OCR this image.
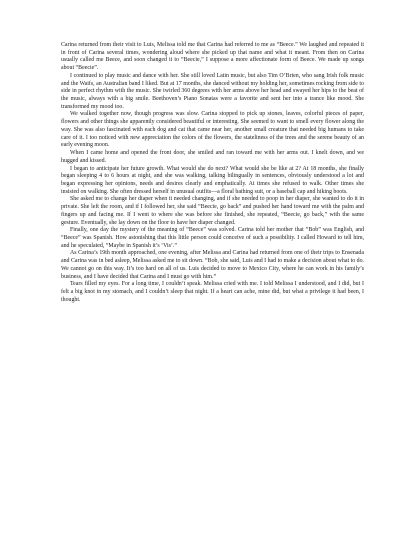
Carina returned from their visit to Luis, Melissa told me that Carina had referred to me as “Beece.” We laughed and repeated it in front of Carina several times, wondering aloud where she picked up that name and what it meant. From then on Carina usually called me Beece, and soon changed it to “Beecie,” I suppose a more affectionate form of Beece. We made up songs about “Beecie”.

I continued to play music and dance with her. She still loved Latin music, but also Tim O’Brien, who sang Irish folk music and the Waifs, an Australian band I liked. But at 17 months, she danced without my holding her, sometimes rocking from side to side in perfect rhythm with the music. She twirled 360 degrees with her arms above her head and swayed her hips to the beat of the music, always with a big smile. Beethoven’s Piano Sonatas were a favorite and sent her into a trance like mood. She transformed my mood too.

We walked together now, though progress was slow. Carina stopped to pick up stones, leaves, colorful pieces of paper, flowers and other things she apparently considered beautiful or interesting. She seemed to want to smell every flower along the way. She was also fascinated with each dog and cat that came near her, another small creature that needed big humans to take care of it. I too noticed with new appreciation the colors of the flowers, the stateliness of the trees and the serene beauty of an early evening moon.

When I came home and opened the front door, she smiled and ran toward me with her arms out. I knelt down, and we hugged and kissed.

I began to anticipate her future growth. What would she do next? What would she be like at 2? At 18 months, she finally began sleeping 4 to 6 hours at night, and she was walking, talking bilingually in sentences, obviously understood a lot and began expressing her opinions, needs and desires clearly and emphatically. At times she refused to walk. Other times she insisted on walking. She often dressed herself in unusual outfits—a floral bathing suit, or a baseball cap and hiking boots.

She asked me to change her diaper when it needed changing, and if she needed to poop in her diaper, she wanted to do it in private. She left the room, and if I followed her, she said “Beecie, go back” and pushed her hand toward me with the palm and fingers up and facing me. If I went to where she was before she finished, she repeated, “Beecie, go back,” with the same gesture. Eventually, she lay down on the floor to have her diaper changed.

Finally, one day the mystery of the meaning of “Beece” was solved. Carina told her mother that “Bob” was English, and “Beece” was Spanish. How astonishing that this little person could conceive of such a possibility. I called Howard to tell him, and he speculated, “Maybe in Spanish it’s ‘Vis’.”

As Carina’s 19th month approached, one evening, after Melissa and Carina had returned from one of their trips to Ensenada and Carina was in bed asleep, Melissa asked me to sit down. “Bob, she said, Luis and I had to make a decision about what to do. We cannot go on this way. It’s too hard on all of us. Luis decided to move to Mexico City, where he can work in his family’s business, and I have decided that Carina and I must go with him.”

Tears filled my eyes. For a long time, I couldn’t speak. Melissa cried with me. I told Melissa I understood, and I did, but I felt a big knot in my stomach, and I couldn’t sleep that night. If a heart can ache, mine did, but what a privilege it had been, I thought.
